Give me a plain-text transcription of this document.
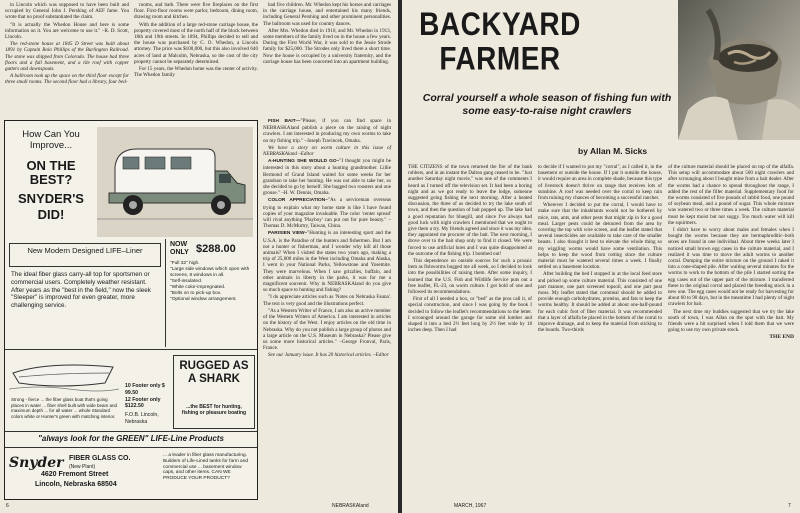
in Lincoln which was supposed to have been built and occupied by General John J. Pershing of AEF fame. You wrote that no proof substantiated the claim.

"It is actually the Whedon House and here is some information on it. You are welcome to use it." –R. D. Scott, Lincoln.

The red-stone house at 1845 D Street was built about 1891 by Captain Rolo Phillips of the Burlington Railroad. The stone was shipped from Colorado. The house had three floors and a full basement, and a tile roof with copper gutters and downspouts.

A ballroom took up the space on the third floor except for three small rooms. The second floor had a library, four bed-

rooms, and bath. There were five fireplaces on the first floor. First-floor rooms were parlor, bedroom, dining room, drawing room and kitchen.

With the addition of a large red-stone carriage house, the property covered most of the north half of the block between 18th and 19th streets. In 1894, Phillips decided to sell and the house was purchased by C. O. Whedon, a Lincoln attorney. The price was $100,000, but this also involved 640 acres of land at Malcolm, Nebraska, so the cost of the city property cannot be separately determined.

For 15 years, the Whedon home was the center of activity. The Whedon family

had five children. Mr. Whedon kept his horses and carriages in the carriage house, and entertained his many friends, including General Pershing and other prominent personalities. The ballroom was used for country dances.

After Mrs. Whedon died in 1910, and Mr. Whedon in 1913, some members of the family lived on in the house a few years. During the First World War, it was sold to the Jessie Strode family for $25,000. The Strodes only lived there a short time. Now the house is occupied by a university fraternity, and the carriage house has been concerted into an apartment building.

FISH BAIT—"Please, if you can find space in NEBRASKAland publish a piece on the raising of night crawlers. I am interested in producing my own worms to take on my fishing trip." –Joseph Travincek, Omaha.

We have a story on worm culture in this issue of NEBRASKAland –Editor

A-HUNTING SHE WOULD GO–"I thought you might be interested in this story about a hunting grandmother. Lillie Bermond of Grand Island waited for some weeks for her grandson to take her hunting. He was not able to take her, so she decided to go by herself. She bagged two roosters and one grouse." –H. W. Dennis, Omaha.

COLOR APPRECIATION–"As a serviceman overseas trying to explain what my home state is like I have found copies of your magazine invaluable. The color 'center spread' will rival anything 'Playboy' can put out for pure beauty." –Thomas D. McMurtry, Taiwan, China.

PARISIEN VIEW–"Hunting is an interesting sport and the U.S.A. is the Paradise of the hunters and fishermen. But I am not a hunter or fisherman, and I wonder why kill all those animals? When I visited the states two years ago, making a trip of 25,000 miles in the West including Omaha and Alaska, I went in your National Parks, Yellowstone and Yosemite. They were marvelous. When I saw grizzlies, buffalo, and other animals in liberty in the parks, it was for me a magnificent souvenir. Why in NEBRASKAland do you give so much space to hunting and fishing?

"I do appreciate articles such as 'Notes on Nebraska Fauna'. The text is very good and the illustrations perfect.

"As a Western Writer of France, I am also an active member of the Western Writers of America. I am interested in articles on the history of the West. I enjoy articles on the old time in Nebraska. Why do you not publish a large group of photos and a large article on the U.S. Museum in Nebraska? Please give us some more historical articles." –George Fronval, Paris, France.

See our January issue. It has 20 historical articles. –Editor

How Can You Improve...
ON THE BEST?
SNYDER'S DID!
New Modern Designed LIFE–Liner
The ideal fiber glass carry-all top for sportsmen or commercial users. Completely weather resistant. After years as the "best in the field," now the sleek "Sleeper" is improved for even greater, more challenging service.
NOW ONLY $288.00
"Full 32" high.
"Large side windows which open with screens, 8 windows in all.
"Self-insulated.
"White color-impregnated.
"Bolts on to pick-up box.
"Optional window arrangement.
Strong - fierce ... the fiber glass boat that's going places in water ... fiber shell built with wide beam and maximum depth ... for all water ... whole Standard colors white or Hunter's green with matching interior.
10 Footer only $ 99.50
12 Footer only $122.50
F.O.B. Lincoln, Nebraska
RUGGED AS A SHARK
...the BEST for hunting, fishing or pleasure boating
"always look for the GREEN" LIFE-Line Products
Snyder FIBER GLASS CO.
(New Plant)
4620 Fremont Street
Lincoln, Nebraska 68504
... a leader in fiber glass manufacturing. Builders of Life-Lined tanks for farm and commercial use ... basement window caps, and other items. CAN WE PRODUCE YOUR PRODUCT?
6	NEBRASKAland
BACKYARD FARMER
Corral yourself a whole season of fishing fun with some easy-to-raise night crawlers
by Allan M. Sicks

THE CITIZENS of the town returned the fire of the bank robbers, and in an instant the Dalton gang ceased to be. "Just another Saturday night movie," was one of the comments I heard as I turned off the television set. It had been a boring night and as we got ready to leave the lodge, someone suggested going fishing the next morning. After a heated discussion, the three of us decided to try the lake south of town, and then the question of bait popped up. The lake had a good reputation for bluegill, and since I've always had good luck with night crawlers I mentioned that we ought to give them a try. My friends agreed and since it was my idea, they appointed me procurer of the bait. The next morning, I drove over to the bait shop only to find it closed. We were forced to use artificial lures and I was quite disappointed at the outcome of the fishing trip. I bombed out!

This dependence on outside sources for such a prosaic item as fishworms bugged me all week, so I decided to look into the possibilities of raising them. After some inquiry, I learned that the U.S. Fish and Wildlife Service puts out a free leaflet, FL-23, on worm culture. I got hold of one and followed its recommendations.

First of all I needed a box, or "bed" as the pros call it, of special construction, and since I was going by the book I decided to follow the leaflet's recommendations to the letter. I scrounged around the garage for some old lumber and shaped it into a bed 2½ feet long by 2½ feet wide by 18 inches deep. Then I had

to decide if I wanted to put my "corral", as I called it, in the basement or outside the house. If I put it outside the house, it would require an area in complete shade, because this type of livestock doesn't thrive on range that receives lots of sunshine. A roof was needed over the corral to keep rain from ruining my chances of becoming a successful rancher.

Wherever I decided to put the corral, I would have to make sure that the inhabitants would not be bothered by mice, rats, ants, and other pests that might zip in for a good meal. Larger pests could be detoured from the area by covering the top with wire screen, and the leaflet stated that several insecticides are available to take care of the smaller beasts. I also thought it best to elevate the whole thing so my wiggling worms would have some ventilation. This helps to keep the wood from rotting since the culture material must be watered several times a week. I finally settled on a basement location.

After building the bed I stopped in at the local feed store and picked up some culture material. This consisted of one part manure, one part screened topsoil, and one part peat moss. My leaflet stated that cornmeal should be added to provide enough carbohydrates, proteins, and fats to keep the worms healthy. It should be added at about one-half-pound for each cubic foot of fiber material. It was recommended that a layer of alfalfa be placed in the bottom of the corral to improve drainage, and to keep the material from sticking to the boards. Two-thirds

of the culture material should be placed on top of the alfalfa. This setup will accommodate about 500 night crawlers and after scrounging about I bought mine from a bait dealer. After the worms had a chance to spread throughout the range, I added the rest of the filler material. Supplementary food for the worms consisted of five pounds of rabbit food, one pound of soybean meal, and a pound of sugar. This whole mixture was watered two or three times a week. The culture material must be kept moist but not soggy. Too much water will kill the squirmers.

I didn't have to worry about males and females when I bought the worms because they are hermaphroditic–both sexes are found in one individual. About three weeks later I noticed small brown egg cases in the culture material, and I realized it was time to move the adult worms to another corral. Dumping the entire mixture on the ground I raked it into a cone-shaped pile. After waiting several minutes for the worms to work to the bottom of the pile I started sorting the egg cases out of the upper part of the mixture. I transferred these to the original corral and placed the breeding stock in a new one. The egg cases would not be ready for harvesting for about 60 to 90 days, but in the meantime I had plenty of night crawlers for bait.

The next time my buddies suggested that we try the lake south of town, I was Allan on the spot with the bait. My friends were a bit surprised when I told them that we were going to use my own private stock.

THE END
MARCH, 1967	7
